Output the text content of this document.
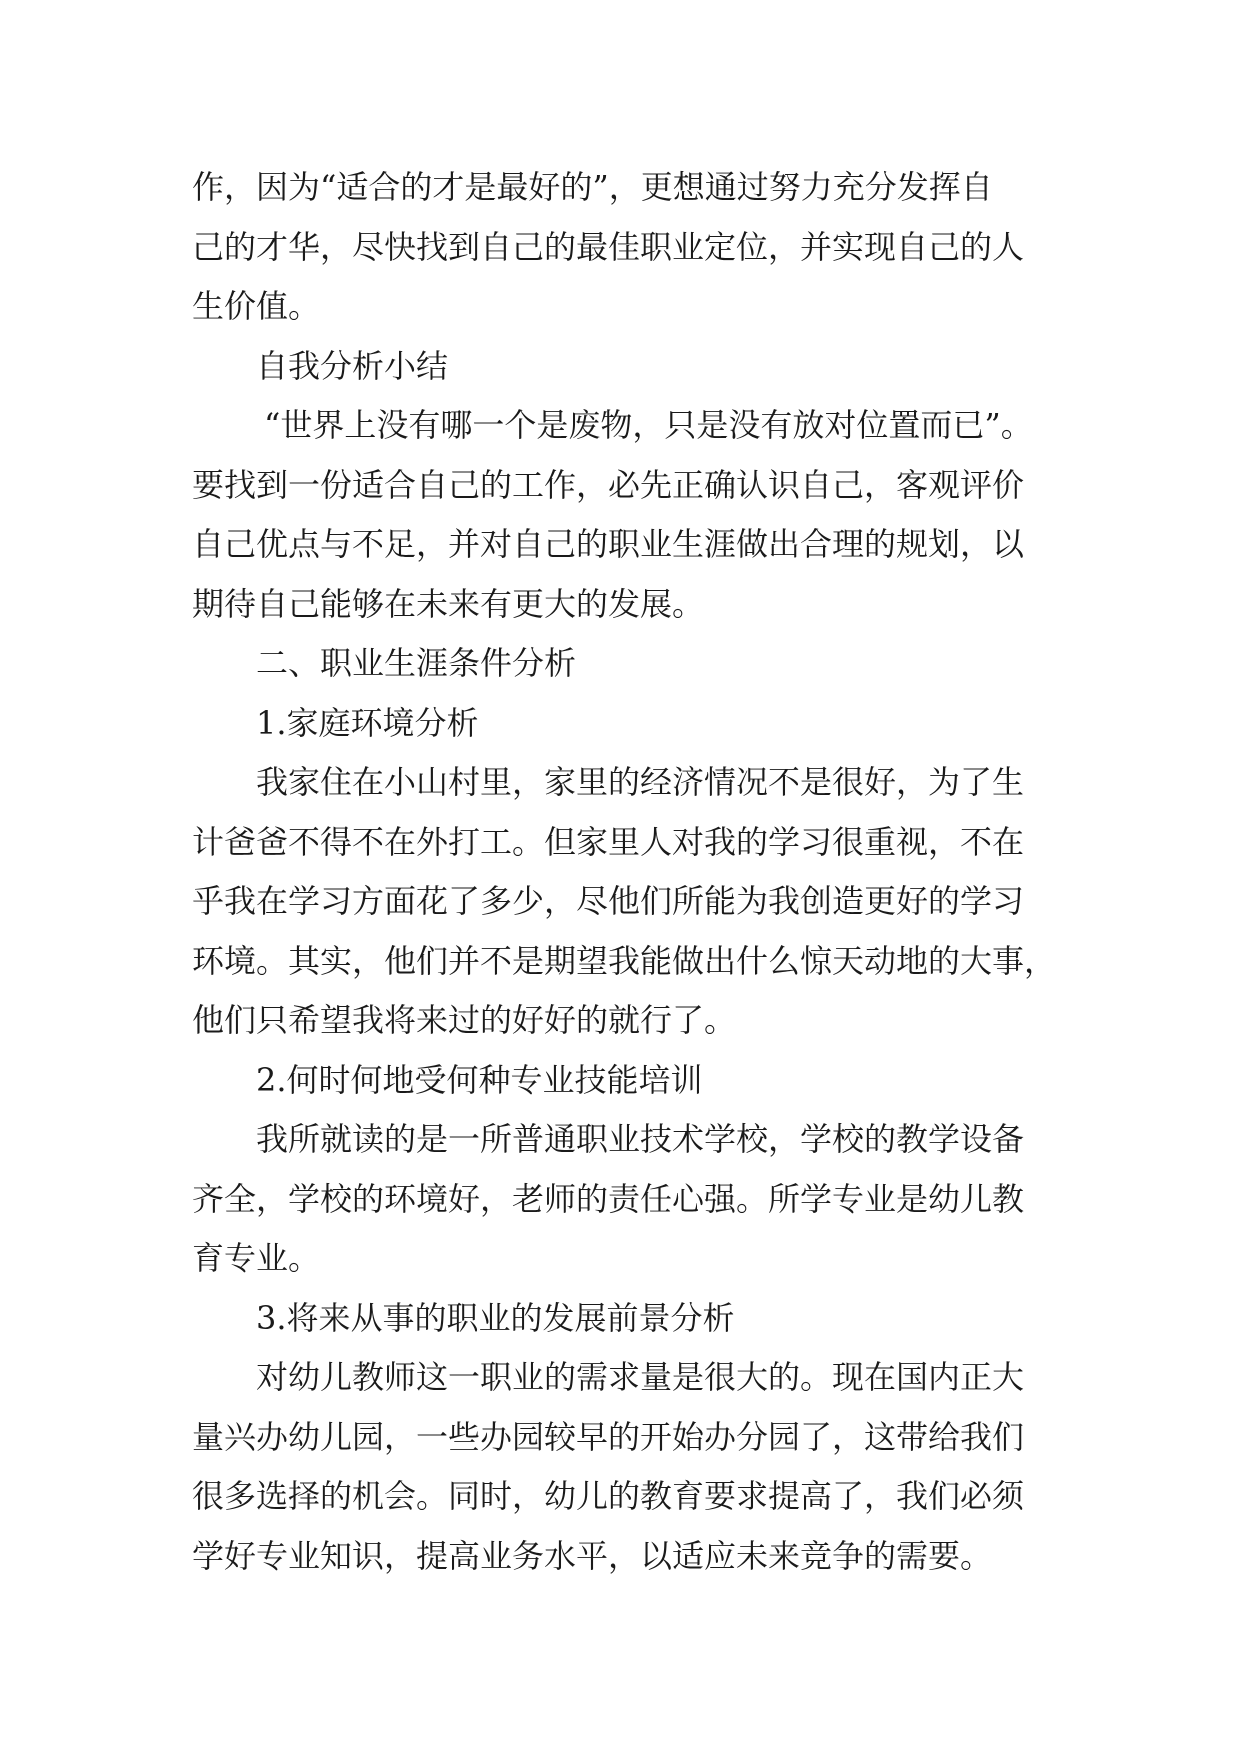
作，因为“适合的才是最好的”，更想通过努力充分发挥自
己的才华，尽快找到自己的最佳职业定位，并实现自己的人
生价值。
自我分析小结
“世界上没有哪一个是废物，只是没有放对位置而已”。
要找到一份适合自己的工作，必先正确认识自己，客观评价
自己优点与不足，并对自己的职业生涯做出合理的规划，以
期待自己能够在未来有更大的发展。
二、职业生涯条件分析
1.家庭环境分析
我家住在小山村里，家里的经济情况不是很好，为了生
计爸爸不得不在外打工。但家里人对我的学习很重视，不在
乎我在学习方面花了多少，尽他们所能为我创造更好的学习
环境。其实，他们并不是期望我能做出什么惊天动地的大事，
他们只希望我将来过的好好的就行了。
2.何时何地受何种专业技能培训
我所就读的是一所普通职业技术学校，学校的教学设备
齐全，学校的环境好，老师的责任心强。所学专业是幼儿教
育专业。
3.将来从事的职业的发展前景分析
对幼儿教师这一职业的需求量是很大的。现在国内正大
量兴办幼儿园，一些办园较早的开始办分园了，这带给我们
很多选择的机会。同时，幼儿的教育要求提高了，我们必须
学好专业知识，提高业务水平，以适应未来竞争的需要。
